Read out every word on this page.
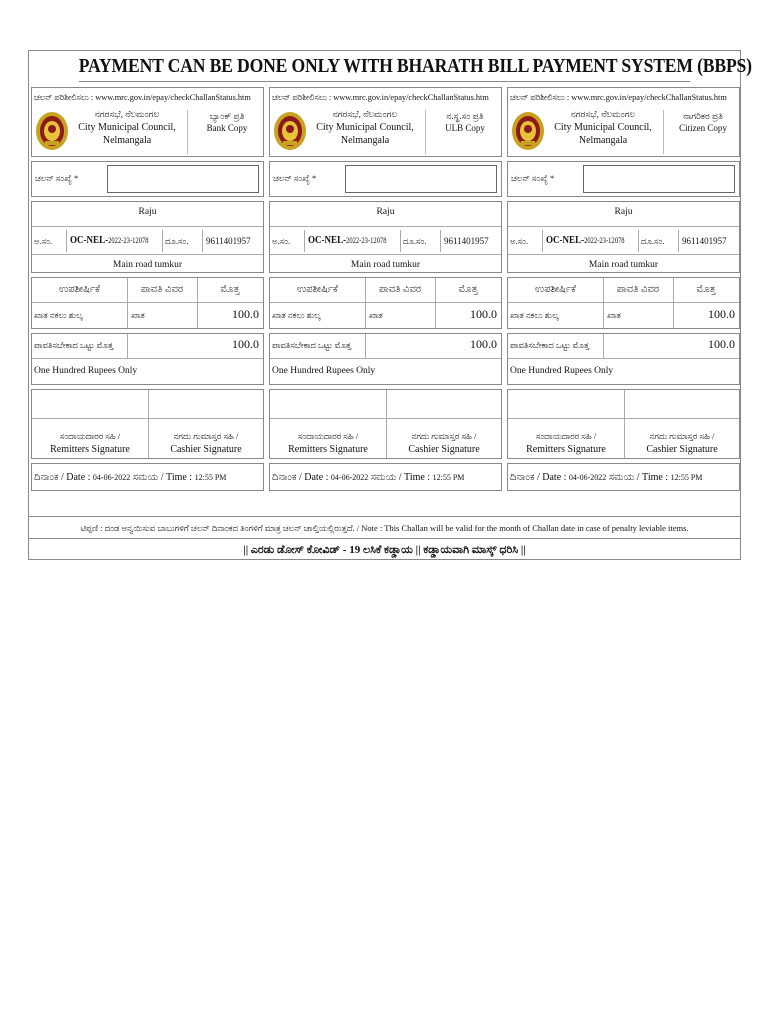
PAYMENT CAN BE DONE ONLY WITH BHARATH BILL PAYMENT SYSTEM (BBPS)
ಚಲನ್ ಪರಿಶೀಲಿಸಲು : www.mrc.gov.in/epay/checkChallanStatus.htm
ನಗರಸಭೆ, ನೆಲಮಂಗಲ
City Municipal Council,
Nelmangala
ಬ್ಯಾಂಕ್ ಪ್ರತಿ
Bank Copy
ಚಲನ್ ಸಂಖ್ಯೆ *
Raju
ಅ.ಸಂ. OC-NEL-2022-23-12078 ದೂ.ಸಂ. 9611401957
Main road tumkur
ಉಪಶೀರ್ಷಿಕೆ	ಪಾವತಿ ವಿವರ	ಮೊತ್ತ
ಖಾತ ನಕಲು ಶುಲ್ಕ	ಖಾತ	100.0
ಪಾವತಿಸಬೇಕಾದ ಒಟ್ಟು ಮೊತ್ತ	100.0
One Hundred Rupees Only
ಸಂದಾಯದಾರರ ಸಹಿ /
Remitters Signature
ನಗದು ಗುಮಾಸ್ತರ ಸಹಿ /
Cashier Signature
ದಿನಾಂಕ / Date : 04-06-2022 ಸಮಯ / Time : 12:55 PM
ಚಲನ್ ಪರಿಶೀಲಿಸಲು : www.mrc.gov.in/epay/checkChallanStatus.htm
ನಗರಸಭೆ, ನೆಲಮಂಗಲ
City Municipal Council,
Nelmangala
ನ.ಸ್ಥ.ಸಂ ಪ್ರತಿ
ULB Copy
ಚಲನ್ ಸಂಖ್ಯೆ *
Raju
ಅ.ಸಂ. OC-NEL-2022-23-12078 ದೂ.ಸಂ. 9611401957
Main road tumkur
ಉಪಶೀರ್ಷಿಕೆ	ಪಾವತಿ ವಿವರ	ಮೊತ್ತ
ಖಾತ ನಕಲು ಶುಲ್ಕ	ಖಾತ	100.0
ಪಾವತಿಸಬೇಕಾದ ಒಟ್ಟು ಮೊತ್ತ	100.0
One Hundred Rupees Only
ಸಂದಾಯದಾರರ ಸಹಿ /
Remitters Signature
ನಗದು ಗುಮಾಸ್ತರ ಸಹಿ /
Cashier Signature
ದಿನಾಂಕ / Date : 04-06-2022 ಸಮಯ / Time : 12:55 PM
ಚಲನ್ ಪರಿಶೀಲಿಸಲು : www.mrc.gov.in/epay/checkChallanStatus.htm
ನಗರಸಭೆ, ನೆಲಮಂಗಲ
City Municipal Council,
Nelmangala
ನಾಗರಿಕರ ಪ್ರತಿ
Citizen Copy
ಚಲನ್ ಸಂಖ್ಯೆ *
Raju
ಅ.ಸಂ. OC-NEL-2022-23-12078 ದೂ.ಸಂ. 9611401957
Main road tumkur
ಉಪಶೀರ್ಷಿಕೆ	ಪಾವತಿ ವಿವರ	ಮೊತ್ತ
ಖಾತ ನಕಲು ಶುಲ್ಕ	ಖಾತ	100.0
ಪಾವತಿಸಬೇಕಾದ ಒಟ್ಟು ಮೊತ್ತ	100.0
One Hundred Rupees Only
ಸಂದಾಯದಾರರ ಸಹಿ /
Remitters Signature
ನಗದು ಗುಮಾಸ್ತರ ಸಹಿ /
Cashier Signature
ದಿನಾಂಕ / Date : 04-06-2022 ಸಮಯ / Time : 12:55 PM
ಟಿಪ್ಪಣಿ : ದಂಡ ಅನ್ವಯಿಸುವ ಬಾಬುಗಳಿಗೆ ಚಲನ್ ದಿನಾಂಕದ ತಿಂಗಳಿಗೆ ಮಾತ್ರ ಚಲನ್ ಚಾಲ್ತಿಯಲ್ಲಿರುತ್ತದೆ. / Note : This Challan will be valid for the month of Challan date in case of penalty leviable items.
|| ಎರಡು ಡೋಸ್ ಕೋವಿಡ್ - 19 ಲಸಿಕೆ ಕಡ್ಡಾಯ || ಕಡ್ಡಾಯವಾಗಿ ಮಾಸ್ಕ್ ಧರಿಸಿ ||
